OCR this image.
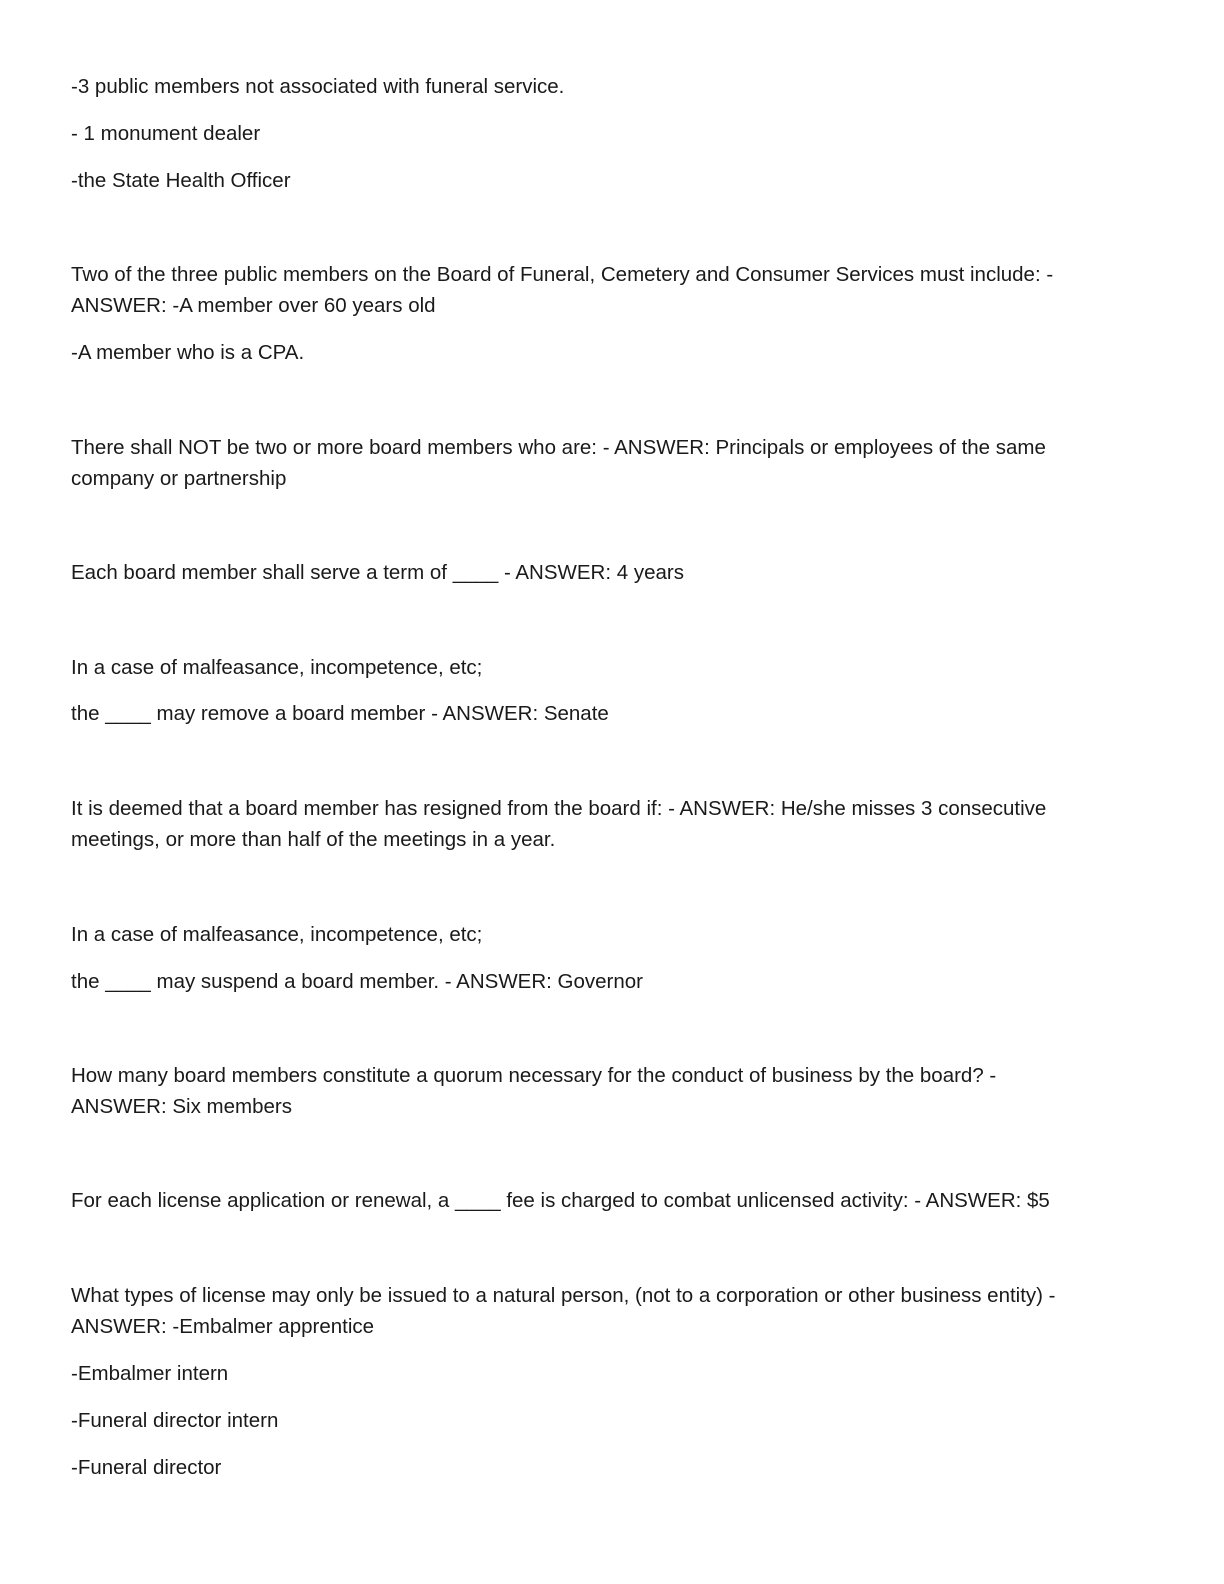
-3 public members not associated with funeral service.
- 1 monument dealer
-the State Health Officer
Two of the three public members on the Board of Funeral, Cemetery and Consumer Services must include: -
ANSWER: -A member over 60 years old
-A member who is a CPA.
There shall NOT be two or more board members who are: - ANSWER: Principals or employees of the same
company or partnership
Each board member shall serve a term of ____ - ANSWER: 4 years
In a case of malfeasance, incompetence, etc;
the ____ may remove a board member - ANSWER: Senate
It is deemed that a board member has resigned from the board if: - ANSWER: He/she misses 3 consecutive
meetings, or more than half of the meetings in a year.
In a case of malfeasance, incompetence, etc;
the ____ may suspend a board member. - ANSWER: Governor
How many board members constitute a quorum necessary for the conduct of business by the board? -
ANSWER: Six members
For each license application or renewal, a ____ fee is charged to combat unlicensed activity: - ANSWER: $5
What types of license may only be issued to a natural person, (not to a corporation or other business entity) -
ANSWER: -Embalmer apprentice
-Embalmer intern
-Funeral director intern
-Funeral director
